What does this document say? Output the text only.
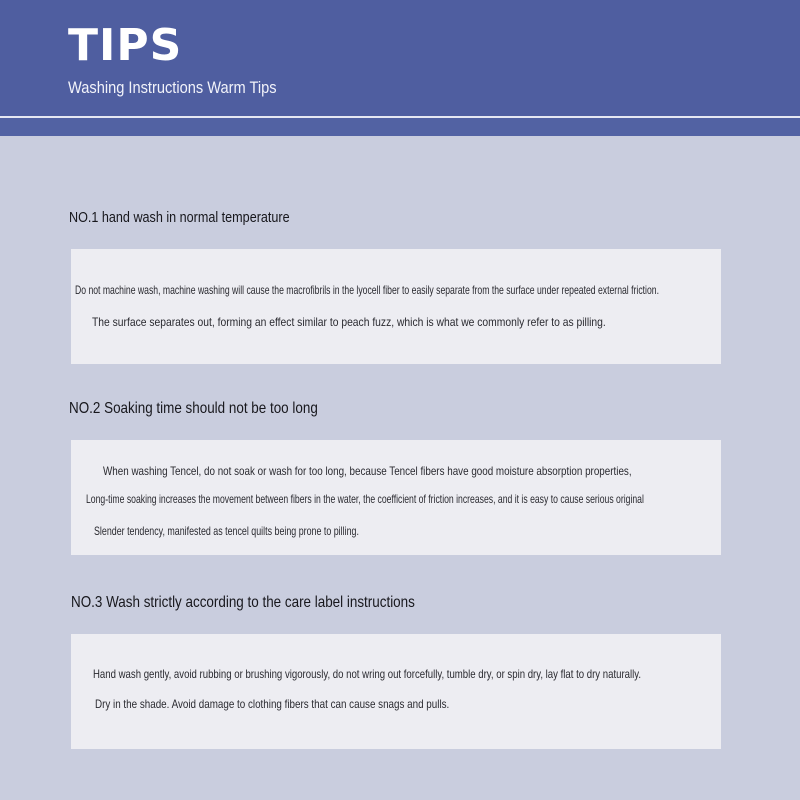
TIPS
Washing Instructions Warm Tips
NO.1 hand wash in normal temperature
Do not machine wash, machine washing will cause the macrofibrils in the lyocell fiber to easily separate from the surface under repeated external friction.
The surface separates out, forming an effect similar to peach fuzz, which is what we commonly refer to as pilling.
NO.2 Soaking time should not be too long
When washing Tencel, do not soak or wash for too long, because Tencel fibers have good moisture absorption properties,
Long-time soaking increases the movement between fibers in the water, the coefficient of friction increases, and it is easy to cause serious original
Slender tendency, manifested as tencel quilts being prone to pilling.
NO.3 Wash strictly according to the care label instructions
Hand wash gently, avoid rubbing or brushing vigorously, do not wring out forcefully, tumble dry, or spin dry, lay flat to dry naturally.
Dry in the shade. Avoid damage to clothing fibers that can cause snags and pulls.
